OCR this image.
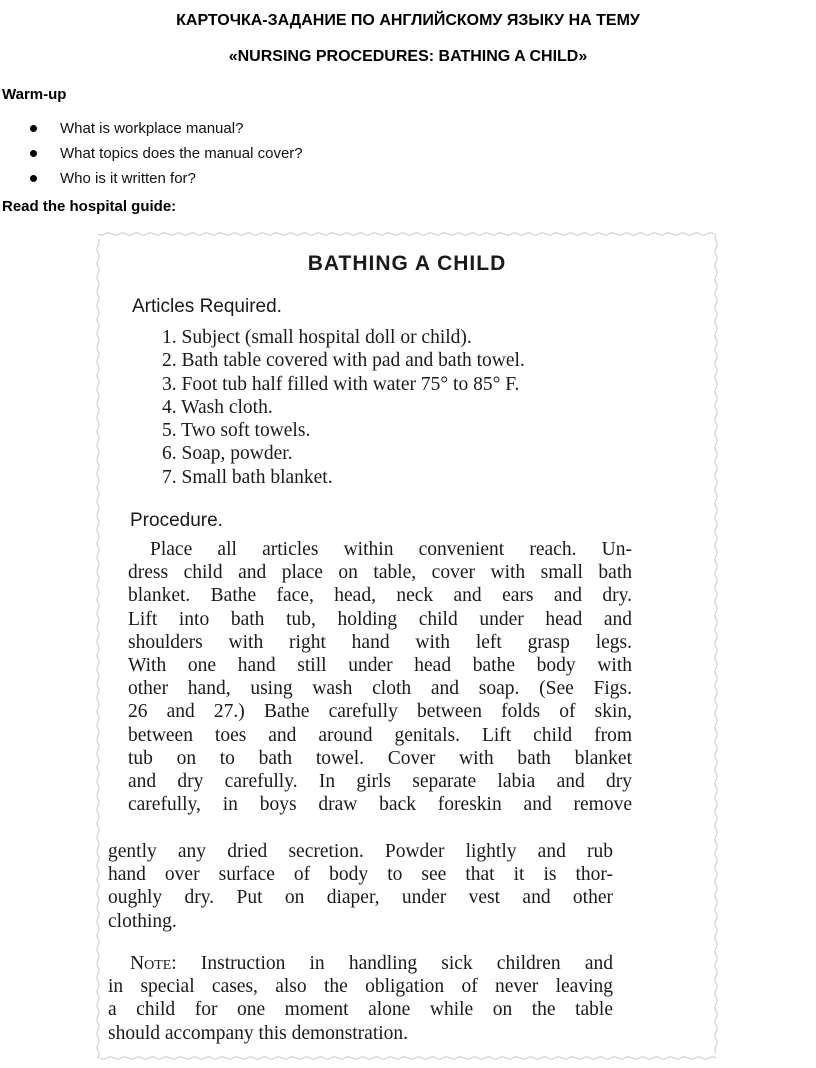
КАРТОЧКА-ЗАДАНИЕ ПО АНГЛИЙСКОМУ ЯЗЫКУ НА ТЕМУ
«NURSING PROCEDURES: BATHING A CHILD»
Warm-up
What is workplace manual?
What topics does the manual cover?
Who is it written for?
Read the hospital guide:
BATHING A CHILD
Articles Required.
1. Subject (small hospital doll or child).
2. Bath table covered with pad and bath towel.
3. Foot tub half filled with water 75° to 85° F.
4. Wash cloth.
5. Two soft towels.
6. Soap, powder.
7. Small bath blanket.
Procedure.
Place all articles within convenient reach. Un-
dress child and place on table, cover with small bath
blanket. Bathe face, head, neck and ears and dry.
Lift into bath tub, holding child under head and
shoulders with right hand with left grasp legs.
With one hand still under head bathe body with
other hand, using wash cloth and soap. (See Figs.
26 and 27.) Bathe carefully between folds of skin,
between toes and around genitals. Lift child from
tub on to bath towel. Cover with bath blanket
and dry carefully. In girls separate labia and dry
carefully, in boys draw back foreskin and remove
gently any dried secretion. Powder lightly and rub
hand over surface of body to see that it is thor-
oughly dry. Put on diaper, under vest and other
clothing.
Note: Instruction in handling sick children and
in special cases, also the obligation of never leaving
a child for one moment alone while on the table
should accompany this demonstration.
